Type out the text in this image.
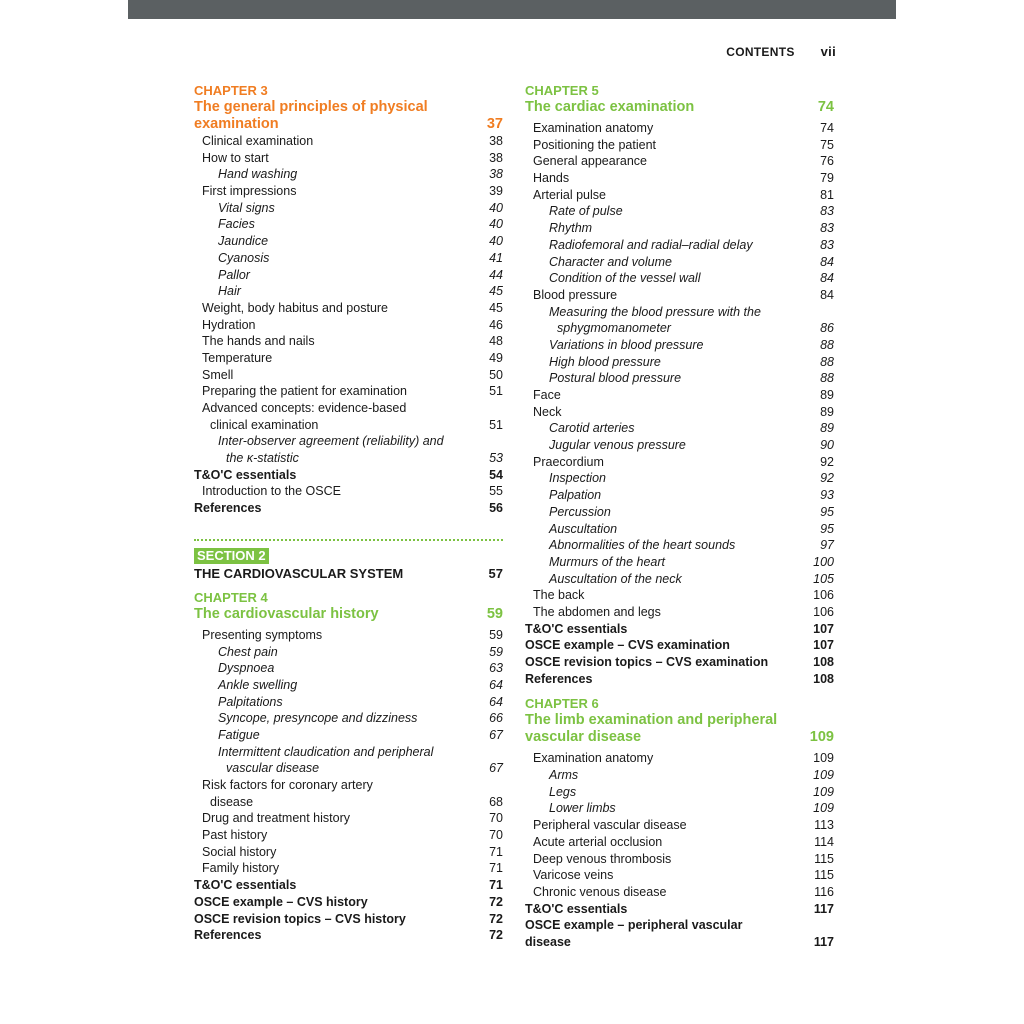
CONTENTS vii
CHAPTER 3
The general principles of physical
examination	37
Clinical examination	38
How to start	38
Hand washing	38
First impressions	39
Vital signs	40
Facies	40
Jaundice	40
Cyanosis	41
Pallor	44
Hair	45
Weight, body habitus and posture	45
Hydration	46
The hands and nails	48
Temperature	49
Smell	50
Preparing the patient for examination	51
Advanced concepts: evidence-based
clinical examination	51
Inter-observer agreement (reliability) and
the κ-statistic	53
T&O'C essentials	54
Introduction to the OSCE	55
References	56
SECTION 2
THE CARDIOVASCULAR SYSTEM	57
CHAPTER 4
The cardiovascular history	59
Presenting symptoms	59
Chest pain	59
Dyspnoea	63
Ankle swelling	64
Palpitations	64
Syncope, presyncope and dizziness	66
Fatigue	67
Intermittent claudication and peripheral
vascular disease	67
Risk factors for coronary artery
disease	68
Drug and treatment history	70
Past history	70
Social history	71
Family history	71
T&O'C essentials	71
OSCE example – CVS history	72
OSCE revision topics – CVS history	72
References	72
CHAPTER 5
The cardiac examination	74
Examination anatomy	74
Positioning the patient	75
General appearance	76
Hands	79
Arterial pulse	81
Rate of pulse	83
Rhythm	83
Radiofemoral and radial–radial delay	83
Character and volume	84
Condition of the vessel wall	84
Blood pressure	84
Measuring the blood pressure with the
sphygmomanometer	86
Variations in blood pressure	88
High blood pressure	88
Postural blood pressure	88
Face	89
Neck	89
Carotid arteries	89
Jugular venous pressure	90
Praecordium	92
Inspection	92
Palpation	93
Percussion	95
Auscultation	95
Abnormalities of the heart sounds	97
Murmurs of the heart	100
Auscultation of the neck	105
The back	106
The abdomen and legs	106
T&O'C essentials	107
OSCE example – CVS examination	107
OSCE revision topics – CVS examination	108
References	108
CHAPTER 6
The limb examination and peripheral
vascular disease	109
Examination anatomy	109
Arms	109
Legs	109
Lower limbs	109
Peripheral vascular disease	113
Acute arterial occlusion	114
Deep venous thrombosis	115
Varicose veins	115
Chronic venous disease	116
T&O'C essentials	117
OSCE example – peripheral vascular
disease	117
